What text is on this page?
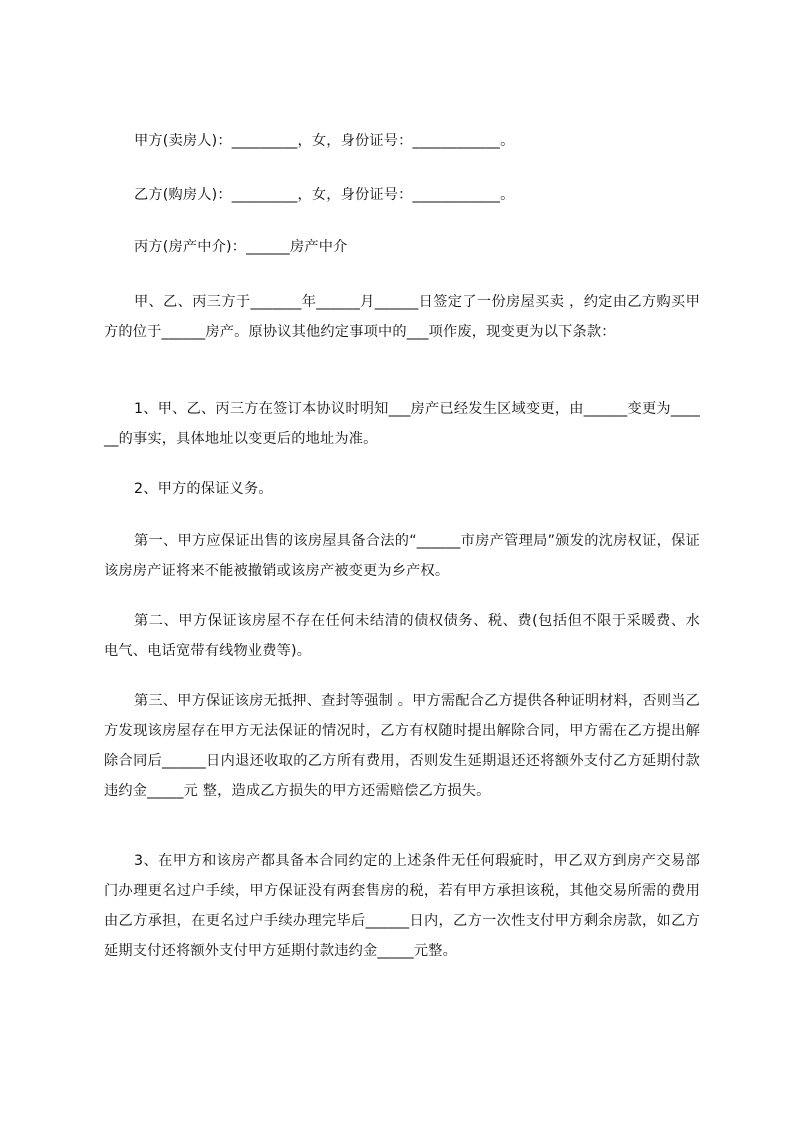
甲方(卖房人)：_________，女，身份证号：____________。

乙方(购房人)：_________，女，身份证号：____________。

丙方(房产中介)：______房产中介

甲、乙、丙三方于_______年______月______日签定了一份房屋买卖 ，约定由乙方购买甲方的位于______房产。原协议其他约定事项中的___项作废，现变更为以下条款：

1、甲、乙、丙三方在签订本协议时明知___房产已经发生区域变更，由______变更为______的事实，具体地址以变更后的地址为准。

2、甲方的保证义务。

第一、甲方应保证出售的该房屋具备合法的“______市房产管理局”颁发的沈房权证，保证该房房产证将来不能被撤销或该房产被变更为乡产权。

第二、甲方保证该房屋不存在任何未结清的债权债务、税、费(包括但不限于采暖费、水电气、电话宽带有线物业费等)。

第三、甲方保证该房无抵押、查封等强制 。甲方需配合乙方提供各种证明材料，否则当乙方发现该房屋存在甲方无法保证的情况时，乙方有权随时提出解除合同，甲方需在乙方提出解除合同后______日内退还收取的乙方所有费用，否则发生延期退还还将额外支付乙方延期付款违约金_____元 整，造成乙方损失的甲方还需赔偿乙方损失。

3、在甲方和该房产都具备本合同约定的上述条件无任何瑕疵时，甲乙双方到房产交易部门办理更名过户手续，甲方保证没有两套售房的税，若有甲方承担该税，其他交易所需的费用由乙方承担，在更名过户手续办理完毕后______日内，乙方一次性支付甲方剩余房款，如乙方延期支付还将额外支付甲方延期付款违约金_____元整。
